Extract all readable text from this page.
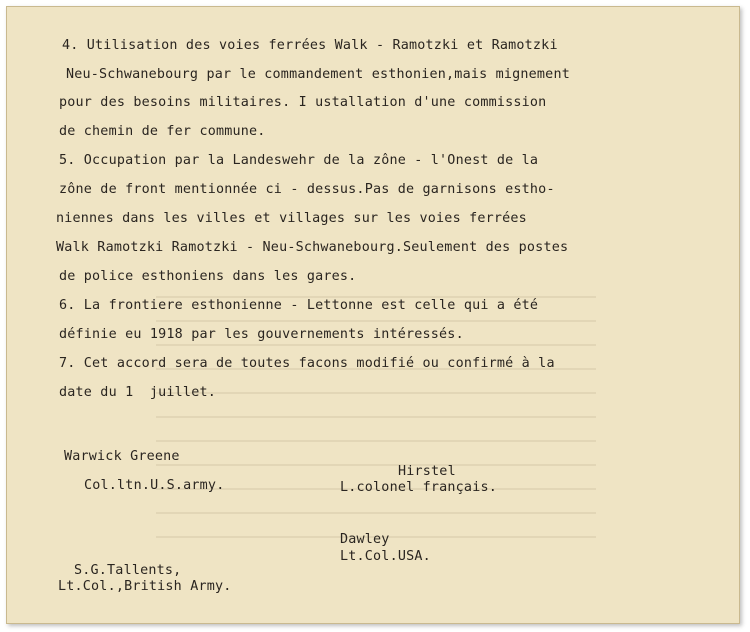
4. Utilisation des voies ferrées Walk - Ramotzki et Ramotzki
Neu-Schwanebourg par le commandement esthonien,mais mignement
pour des besoins militaires. I ustallation d'une commission
de chemin de fer commune.
5. Occupation par la Landeswehr de la zône - l'Onest de la
zône de front mentionnée ci - dessus.Pas de garnisons estho-
niennes dans les villes et villages sur les voies ferrées
Walk Ramotzki Ramotzki - Neu-Schwanebourg.Seulement des postes
de police esthoniens dans les gares.
6. La frontiere esthonienne - Lettonne est celle qui a été
définie eu 1918 par les gouvernements intéressés.
7. Cet accord sera de toutes facons modifié ou confirmé à la
date du 1  juillet.
Warwick Greene
Col.ltn.U.S.army.
Hirstel
L.colonel français.
Dawley
Lt.Col.USA.
S.G.Tallents,
Lt.Col.,British Army.
